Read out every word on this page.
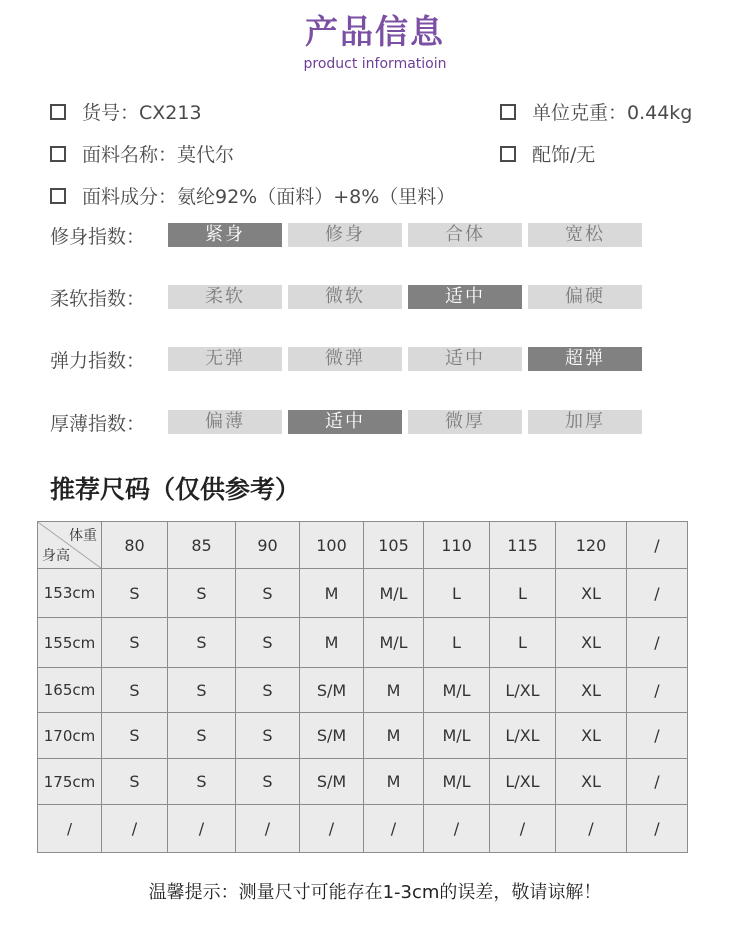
产品信息
product informatioin
货号：CX213	单位克重：0.44kg
面料名称：莫代尔	配饰/无
面料成分：氨纶92%（面料）+8%（里料）
修身指数：	紧身	修身	合体	宽松
柔软指数：	柔软	微软	适中	偏硬
弹力指数：	无弹	微弹	适中	超弹
厚薄指数：	偏薄	适中	微厚	加厚
推荐尺码（仅供参考）
体重
身高	80	85	90	100	105	110	115	120	/
153cm	S	S	S	M	M/L	L	L	XL	/
155cm	S	S	S	M	M/L	L	L	XL	/
165cm	S	S	S	S/M	M	M/L	L/XL	XL	/
170cm	S	S	S	S/M	M	M/L	L/XL	XL	/
175cm	S	S	S	S/M	M	M/L	L/XL	XL	/
/	/	/	/	/	/	/	/	/	/
温馨提示：测量尺寸可能存在1-3cm的误差，敬请谅解！
